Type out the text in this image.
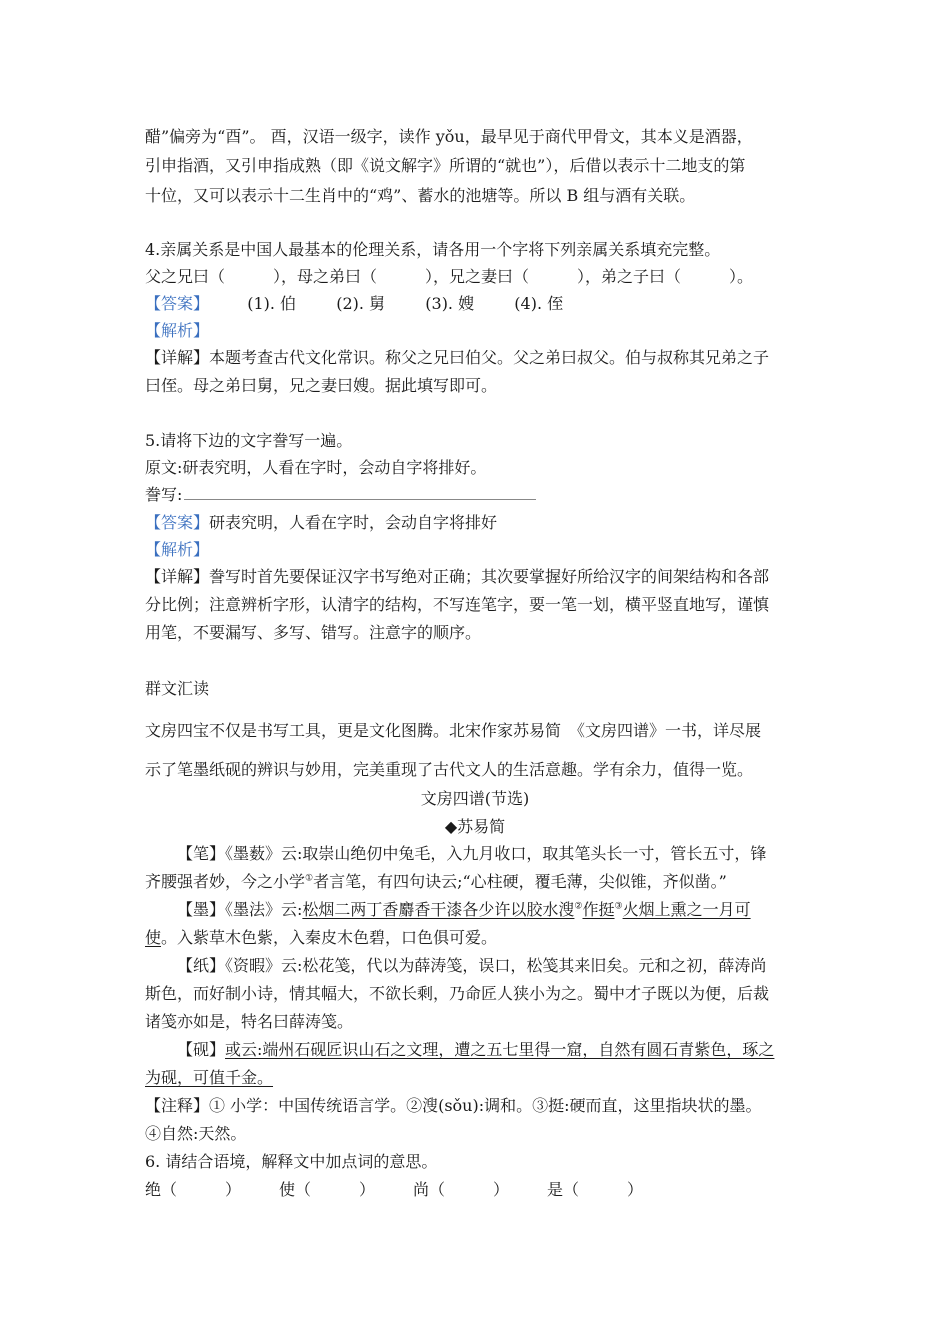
醋”偏旁为“酉”。 酉，汉语一级字，读作 yǒu，最早见于商代甲骨文，其本义是酒器，
引申指酒，又引申指成熟（即《说文解字》所谓的“就也”），后借以表示十二地支的第
十位，又可以表示十二生肖中的“鸡”、蓄水的池塘等。所以 B 组与酒有关联。
4.亲属关系是中国人最基本的伦理关系，请各用一个字将下列亲属关系填充完整。
父之兄曰（　　　），母之弟曰（　　　），兄之妻曰（　　　），弟之子曰（　　　）。
【答案】 (1). 伯	(2). 舅	(3). 嫂	(4). 侄
【解析】
【详解】本题考查古代文化常识。称父之兄曰伯父。父之弟曰叔父。伯与叔称其兄弟之子
曰侄。母之弟曰舅，兄之妻曰嫂。据此填写即可。
5.请将下边的文字誊写一遍。
原文:研表究明，人看在字时，会动自字将排好。
誊写:
【答案】研表究明，人看在字时，会动自字将排好
【解析】
【详解】誊写时首先要保证汉字书写绝对正确；其次要掌握好所给汉字的间架结构和各部
分比例；注意辨析字形，认清字的结构，不写连笔字，要一笔一划，横平竖直地写，谨慎
用笔，不要漏写、多写、错写。注意字的顺序。
群文汇读
文房四宝不仅是书写工具，更是文化图腾。北宋作家苏易简　《文房四谱》一书，详尽展
示了笔墨纸砚的辨识与妙用，完美重现了古代文人的生活意趣。学有余力，值得一览。
文房四谱(节选)
◆苏易简
【笔】《墨薮》云:取崇山绝仞中兔毛，入九月收口，取其笔头长一寸，管长五寸，锋
齐腰强者妙，今之小学①者言笔，有四句诀云;“心柱硬，覆毛薄，尖似锥，齐似凿。”
【墨】《墨法》云:松烟二两丁香麝香干漆各少许以胶水溲②作挺③火烟上熏之一月可
使。入紫草木色紫，入秦皮木色碧，口色俱可爱。
【纸】《资暇》云:松花笺，代以为薛涛笺，误口，松笺其来旧矣。元和之初，薛涛尚
斯色，而好制小诗，情其幅大，不欲长剩，乃命匠人狭小为之。蜀中才子既以为便，后裁
诸笺亦如是，特名曰薛涛笺。
【砚】或云:端州石砚匠识山石之文理，遭之五七里得一窟，自然有圆石青紫色，琢之
为砚，可值千金。
【注释】① 小学：中国传统语言学。②溲(sǒu):调和。③挺:硬而直，这里指块状的墨。
④自然:天然。
6. 请结合语境，解释文中加点词的意思。
绝（　　　） 使（　　　） 尚（　　　） 是（　　　）
